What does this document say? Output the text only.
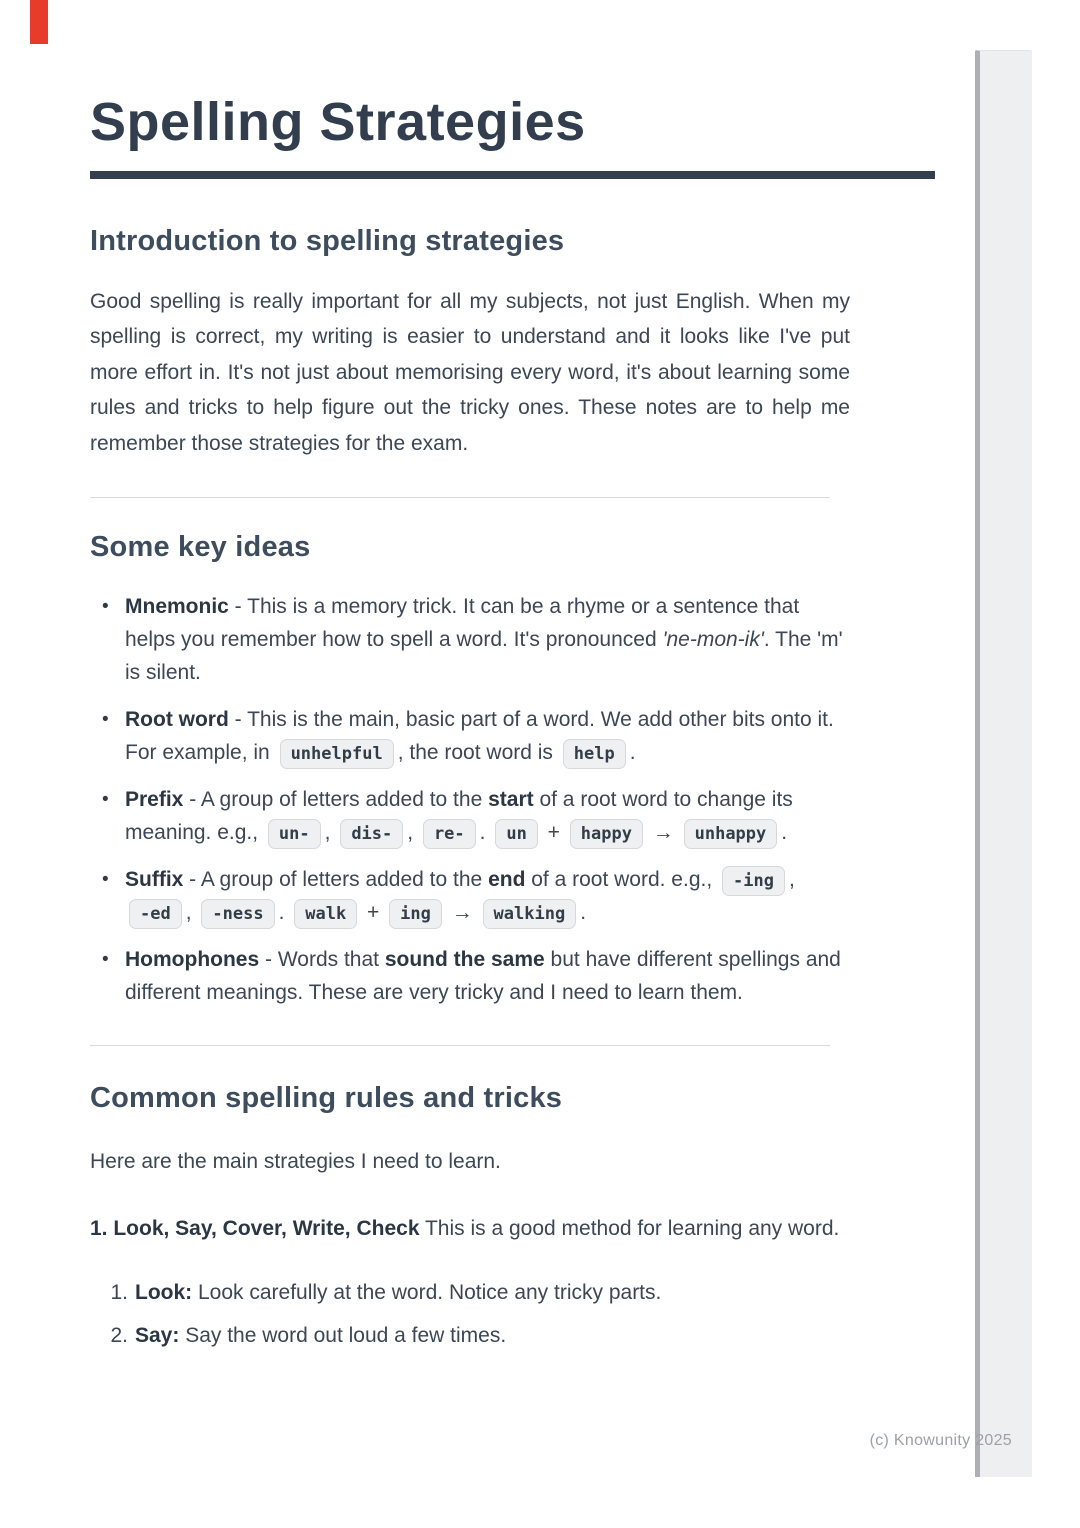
Spelling Strategies
Introduction to spelling strategies

Good spelling is really important for all my subjects, not just English. When my spelling is correct, my writing is easier to understand and it looks like I've put more effort in. It's not just about memorising every word, it's about learning some rules and tricks to help figure out the tricky ones. These notes are to help me remember those strategies for the exam.

Some key ideas
• Mnemonic - This is a memory trick. It can be a rhyme or a sentence that helps you remember how to spell a word. It's pronounced 'ne-mon-ik'. The 'm' is silent.
• Root word - This is the main, basic part of a word. We add other bits onto it. For example, in unhelpful , the root word is help .
• Prefix - A group of letters added to the start of a root word to change its meaning. e.g., un- , dis- , re- . un + happy → unhappy .
• Suffix - A group of letters added to the end of a root word. e.g., -ing , -ed , -ness . walk + ing → walking .
• Homophones - Words that sound the same but have different spellings and different meanings. These are very tricky and I need to learn them.
Common spelling rules and tricks

Here are the main strategies I need to learn.

1. Look, Say, Cover, Write, Check This is a good method for learning any word.

1. Look: Look carefully at the word. Notice any tricky parts.
2. Say: Say the word out loud a few times.
(c) Knowunity 2025
